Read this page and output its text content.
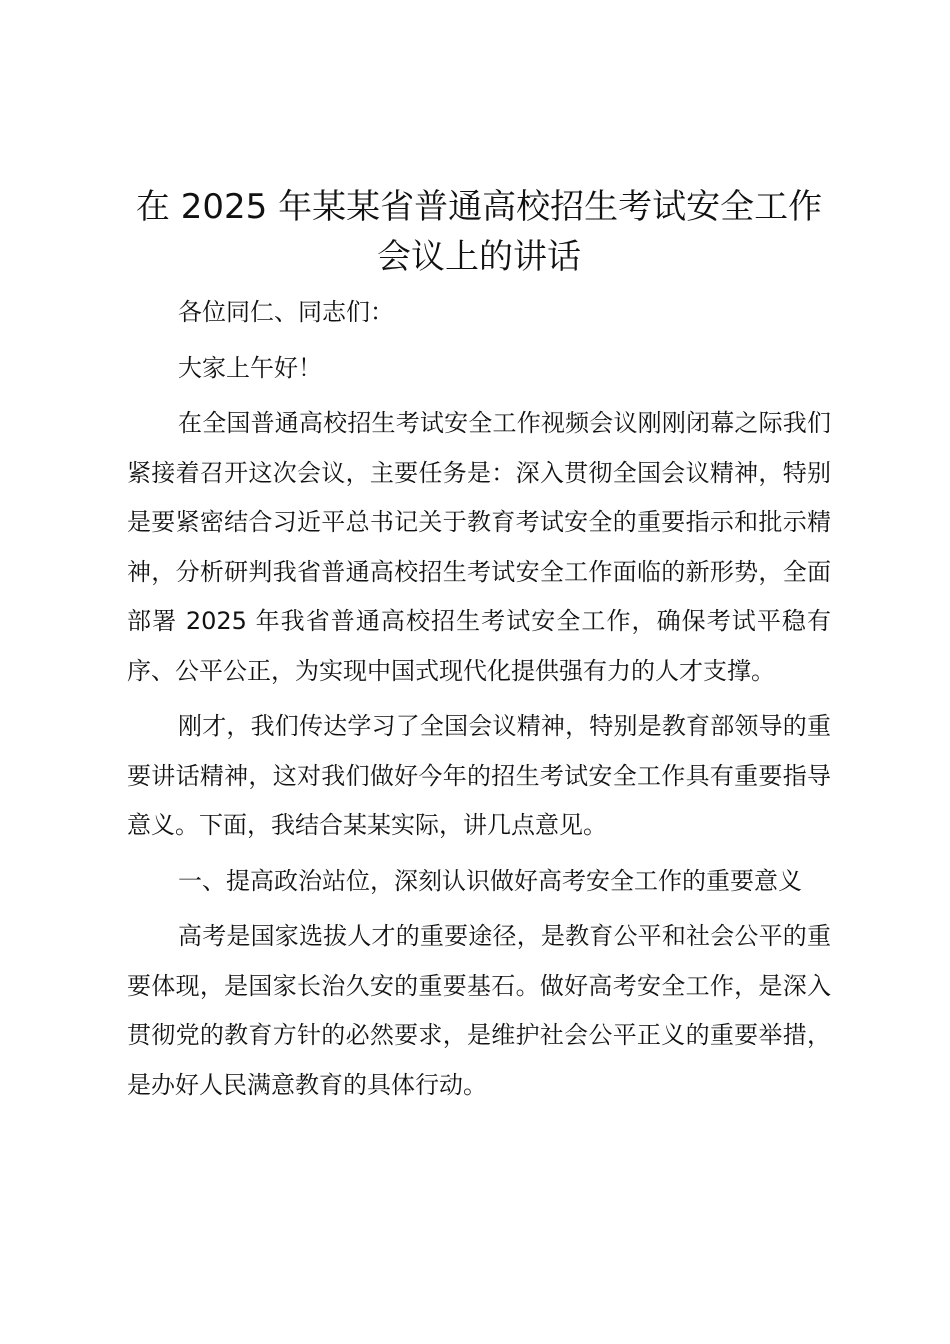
在 2025 年某某省普通高校招生考试安全工作会议上的讲话

各位同仁、同志们：

大家上午好！

在全国普通高校招生考试安全工作视频会议刚刚闭幕之际我们紧接着召开这次会议，主要任务是：深入贯彻全国会议精神，特别是要紧密结合习近平总书记关于教育考试安全的重要指示和批示精神，分析研判我省普通高校招生考试安全工作面临的新形势，全面部署 2025 年我省普通高校招生考试安全工作，确保考试平稳有序、公平公正，为实现中国式现代化提供强有力的人才支撑。

刚才，我们传达学习了全国会议精神，特别是教育部领导的重要讲话精神，这对我们做好今年的招生考试安全工作具有重要指导意义。下面，我结合某某实际，讲几点意见。

一、提高政治站位，深刻认识做好高考安全工作的重要意义

高考是国家选拔人才的重要途径，是教育公平和社会公平的重要体现，是国家长治久安的重要基石。做好高考安全工作，是深入贯彻党的教育方针的必然要求，是维护社会公平正义的重要举措，是办好人民满意教育的具体行动。
